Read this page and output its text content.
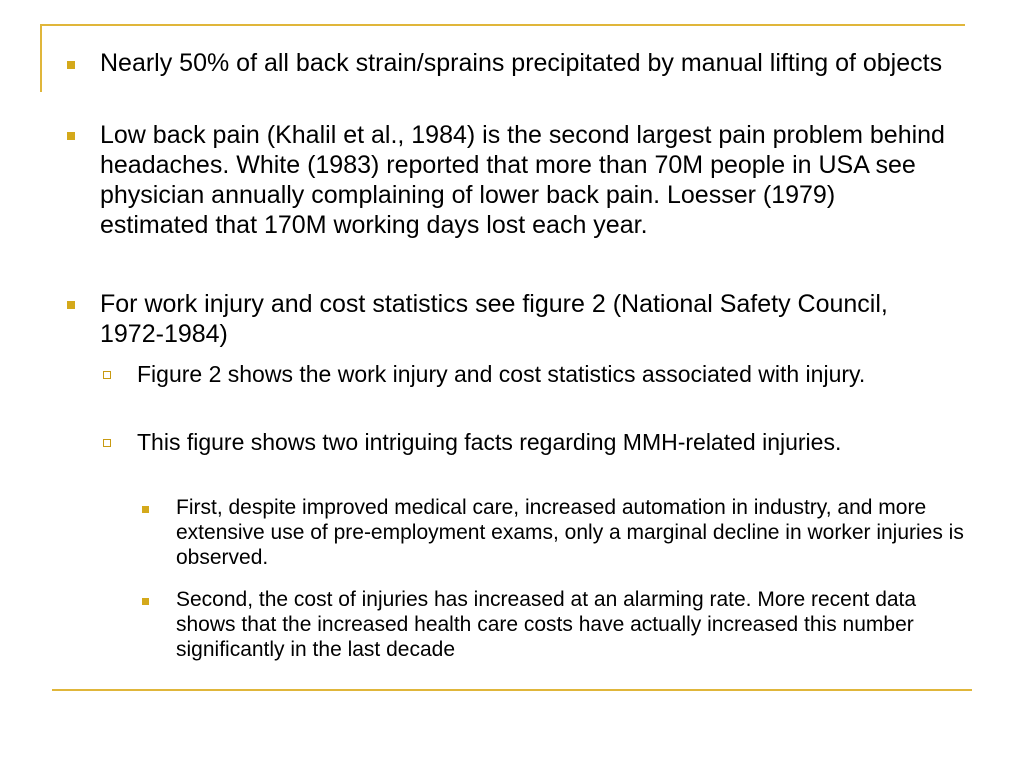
Nearly 50% of all back strain/sprains precipitated by manual lifting of objects
Low back pain (Khalil et al., 1984) is the second largest pain problem behind headaches. White (1983) reported that more than 70M people in USA see physician annually complaining of lower back pain. Loesser (1979) estimated that 170M working days lost each year.
For work injury and cost statistics see figure 2 (National Safety Council, 1972-1984)
Figure 2 shows the work injury and cost statistics associated with injury.
This figure shows two intriguing facts regarding MMH-related injuries.
First, despite improved medical care, increased automation in industry, and more extensive use of pre-employment exams, only a marginal decline in worker injuries is observed.
Second, the cost of injuries has increased at an alarming rate. More recent data shows that the increased health care costs have actually increased this number significantly in the last decade
